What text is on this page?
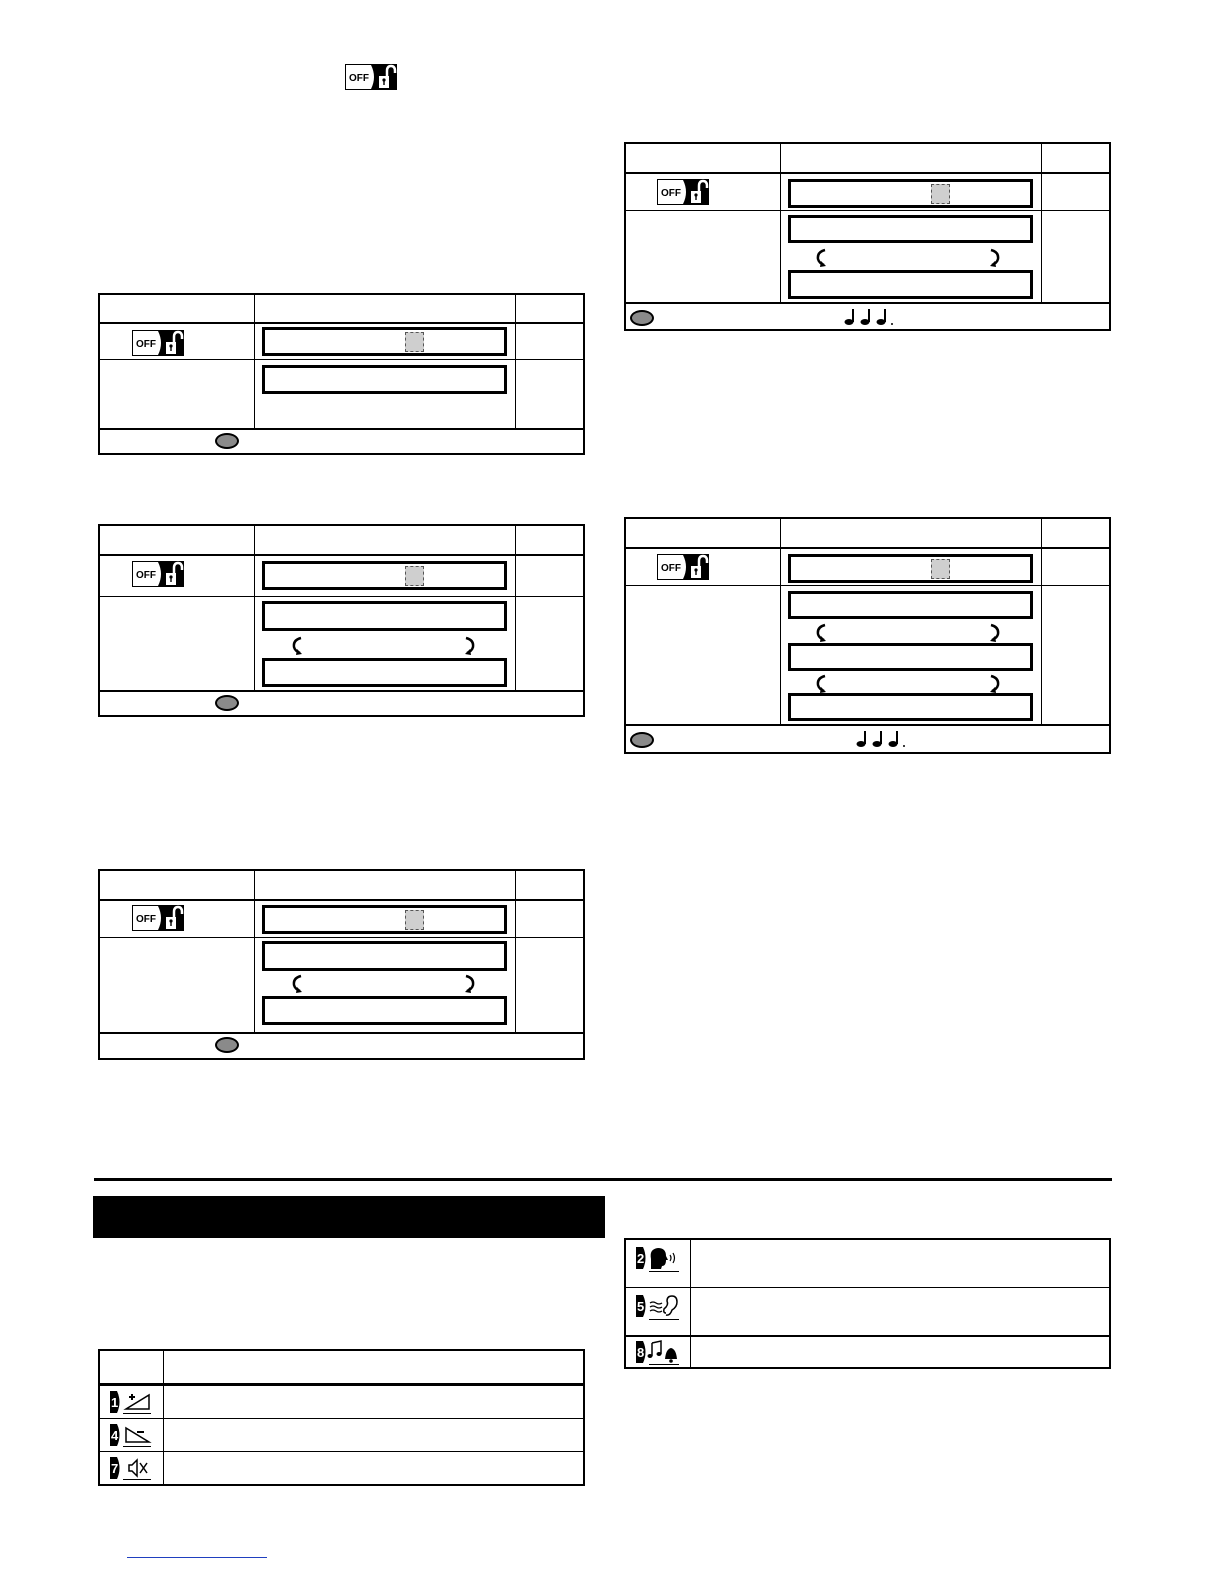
1
4
7
2
5
8
